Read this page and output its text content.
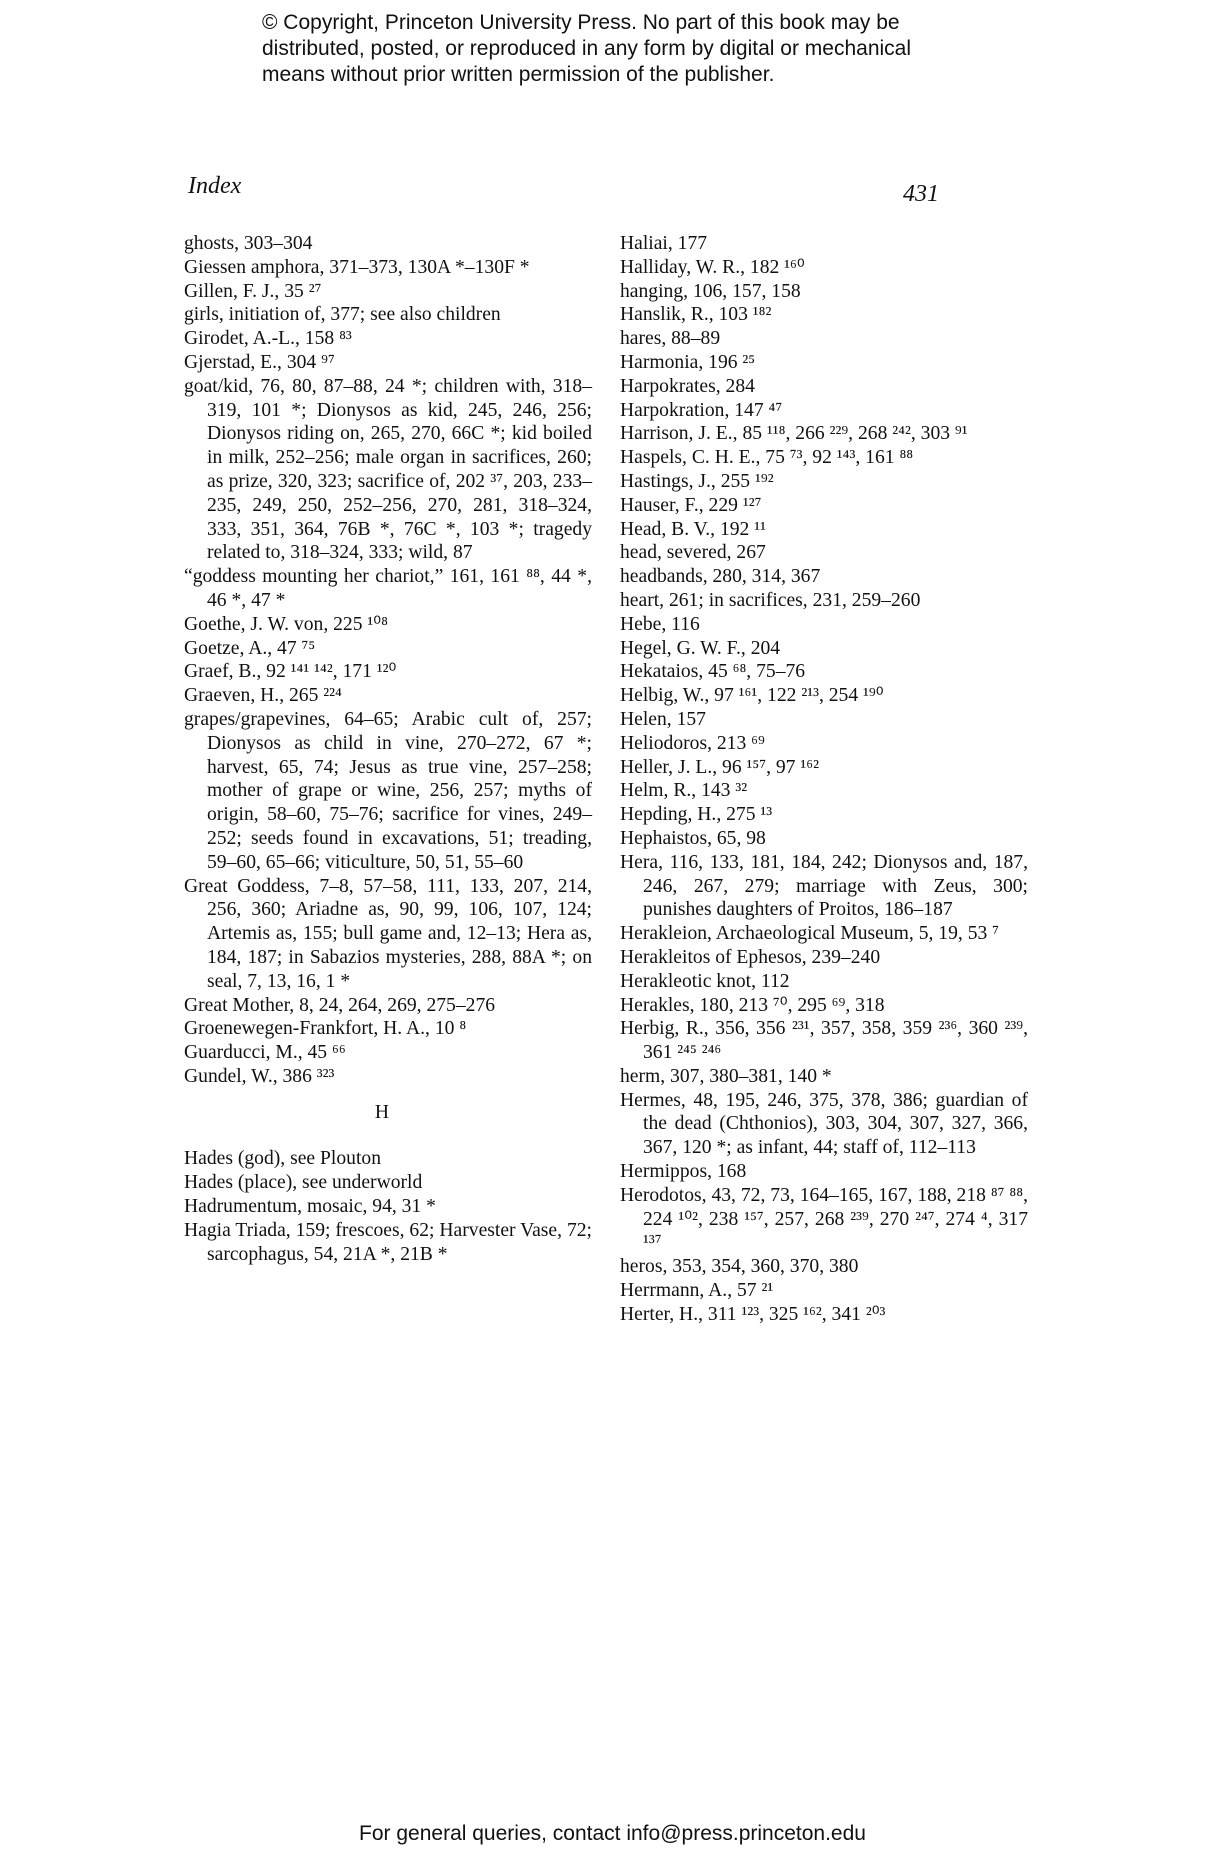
© Copyright, Princeton University Press. No part of this book may be
distributed, posted, or reproduced in any form by digital or mechanical
means without prior written permission of the publisher.
Index	431
ghosts, 303–304
Giessen amphora, 371–373, 130A *–130F *
Gillen, F. J., 35 ²⁷
girls, initiation of, 377; see also children
Girodet, A.-L., 158 ⁸³
Gjerstad, E., 304 ⁹⁷
goat/kid, 76, 80, 87–88, 24 *; children with, 318–319, 101 *; Dionysos as kid, 245, 246, 256; Dionysos riding on, 265, 270, 66C *; kid boiled in milk, 252–256; male organ in sacrifices, 260; as prize, 320, 323; sacrifice of, 202 ³⁷, 203, 233–235, 249, 250, 252–256, 270, 281, 318–324, 333, 351, 364, 76B *, 76C *, 103 *; tragedy related to, 318–324, 333; wild, 87
“goddess mounting her chariot,” 161, 161 ⁸⁸, 44 *, 46 *, 47 *
Goethe, J. W. von, 225 ¹⁰⁸
Goetze, A., 47 ⁷⁵
Graef, B., 92 ¹⁴¹ ¹⁴², 171 ¹²⁰
Graeven, H., 265 ²²⁴
grapes/grapevines, 64–65; Arabic cult of, 257; Dionysos as child in vine, 270–272, 67 *; harvest, 65, 74; Jesus as true vine, 257–258; mother of grape or wine, 256, 257; myths of origin, 58–60, 75–76; sacrifice for vines, 249–252; seeds found in excavations, 51; treading, 59–60, 65–66; viticulture, 50, 51, 55–60
Great Goddess, 7–8, 57–58, 111, 133, 207, 214, 256, 360; Ariadne as, 90, 99, 106, 107, 124; Artemis as, 155; bull game and, 12–13; Hera as, 184, 187; in Sabazios mysteries, 288, 88A *; on seal, 7, 13, 16, 1 *
Great Mother, 8, 24, 264, 269, 275–276
Groenewegen-Frankfort, H. A., 10 ⁸
Guarducci, M., 45 ⁶⁶
Gundel, W., 386 ³²³
H
Hades (god), see Plouton
Hades (place), see underworld
Hadrumentum, mosaic, 94, 31 *
Hagia Triada, 159; frescoes, 62; Harvester Vase, 72; sarcophagus, 54, 21A *, 21B *
Haliai, 177
Halliday, W. R., 182 ¹⁶⁰
hanging, 106, 157, 158
Hanslik, R., 103 ¹⁸²
hares, 88–89
Harmonia, 196 ²⁵
Harpokrates, 284
Harpokration, 147 ⁴⁷
Harrison, J. E., 85 ¹¹⁸, 266 ²²⁹, 268 ²⁴², 303 ⁹¹
Haspels, C. H. E., 75 ⁷³, 92 ¹⁴³, 161 ⁸⁸
Hastings, J., 255 ¹⁹²
Hauser, F., 229 ¹²⁷
Head, B. V., 192 ¹¹
head, severed, 267
headbands, 280, 314, 367
heart, 261; in sacrifices, 231, 259–260
Hebe, 116
Hegel, G. W. F., 204
Hekataios, 45 ⁶⁸, 75–76
Helbig, W., 97 ¹⁶¹, 122 ²¹³, 254 ¹⁹⁰
Helen, 157
Heliodoros, 213 ⁶⁹
Heller, J. L., 96 ¹⁵⁷, 97 ¹⁶²
Helm, R., 143 ³²
Hepding, H., 275 ¹³
Hephaistos, 65, 98
Hera, 116, 133, 181, 184, 242; Dionysos and, 187, 246, 267, 279; marriage with Zeus, 300; punishes daughters of Proitos, 186–187
Herakleion, Archaeological Museum, 5, 19, 53 ⁷
Herakleitos of Ephesos, 239–240
Herakleotic knot, 112
Herakles, 180, 213 ⁷⁰, 295 ⁶⁹, 318
Herbig, R., 356, 356 ²³¹, 357, 358, 359 ²³⁶, 360 ²³⁹, 361 ²⁴⁵ ²⁴⁶
herm, 307, 380–381, 140 *
Hermes, 48, 195, 246, 375, 378, 386; guardian of the dead (Chthonios), 303, 304, 307, 327, 366, 367, 120 *; as infant, 44; staff of, 112–113
Hermippos, 168
Herodotos, 43, 72, 73, 164–165, 167, 188, 218 ⁸⁷ ⁸⁸, 224 ¹⁰², 238 ¹⁵⁷, 257, 268 ²³⁹, 270 ²⁴⁷, 274 ⁴, 317 ¹³⁷
heros, 353, 354, 360, 370, 380
Herrmann, A., 57 ²¹
Herter, H., 311 ¹²³, 325 ¹⁶², 341 ²⁰³
For general queries, contact info@press.princeton.edu
